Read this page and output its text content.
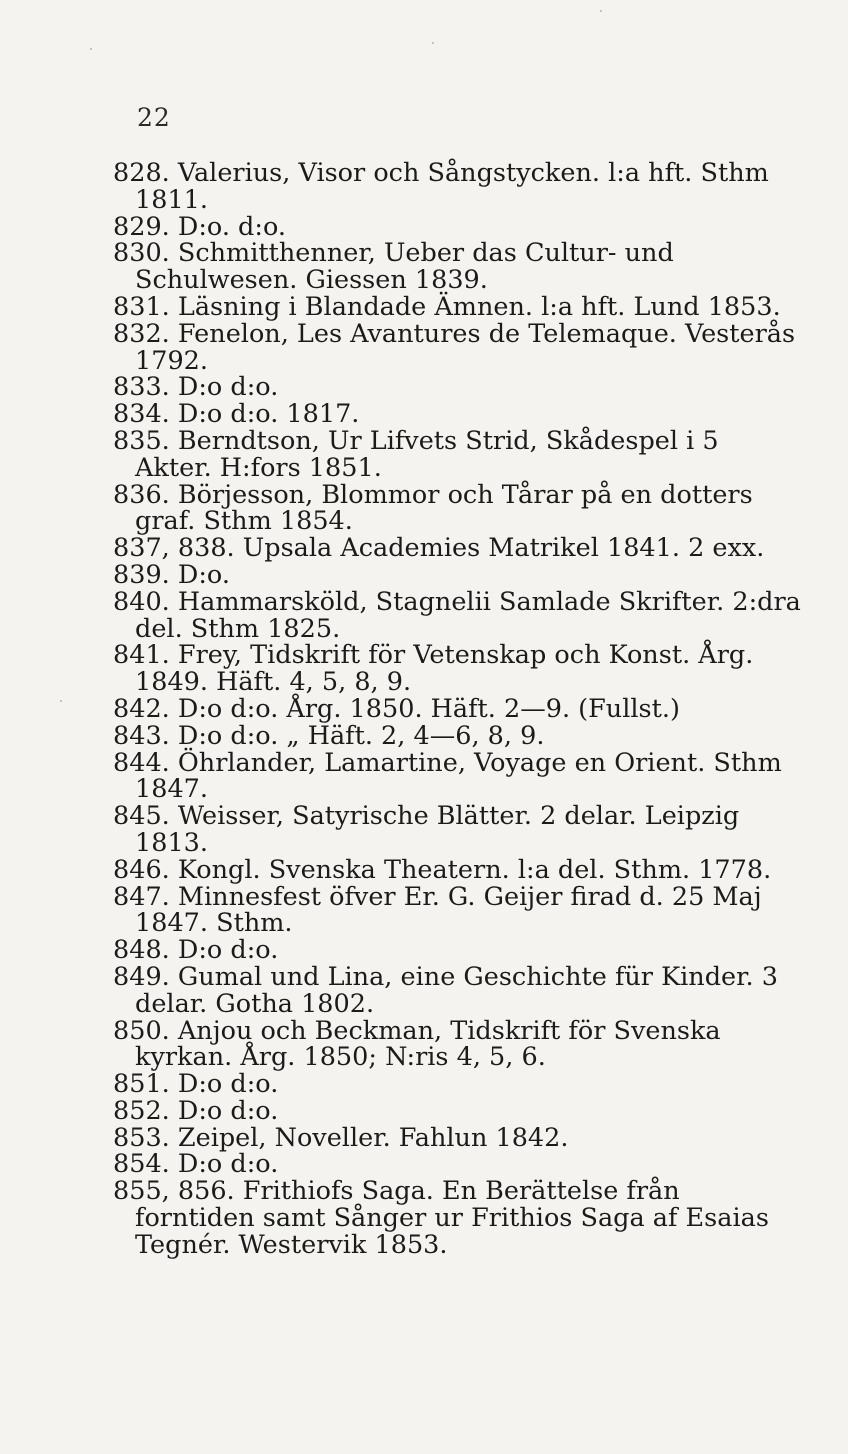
22

828. Valerius, Visor och Sångstycken. l:a hft. Sthm 1811.

829. D:o. d:o.

830. Schmitthenner, Ueber das Cultur- und Schulwesen. Giessen 1839.

831. Läsning i Blandade Ämnen. l:a hft. Lund 1853.

832. Fenelon, Les Avantures de Telemaque. Vesterås 1792.

833. D:o d:o.

834. D:o d:o. 1817.

835. Berndtson, Ur Lifvets Strid, Skådespel i 5 Akter. H:fors 1851.

836. Börjesson, Blommor och Tårar på en dotters graf. Sthm 1854.

837, 838. Upsala Academies Matrikel 1841. 2 exx.

839. D:o.

840. Hammarsköld, Stagnelii Samlade Skrifter. 2:dra del. Sthm 1825.

841. Frey, Tidskrift för Vetenskap och Konst. Årg. 1849. Häft. 4, 5, 8, 9.

842. D:o d:o. Årg. 1850. Häft. 2—9. (Fullst.)

843. D:o d:o. „ Häft. 2, 4—6, 8, 9.

844. Öhrlander, Lamartine, Voyage en Orient. Sthm 1847.

845. Weisser, Satyrische Blätter. 2 delar. Leipzig 1813.

846. Kongl. Svenska Theatern. l:a del. Sthm. 1778.

847. Minnesfest öfver Er. G. Geijer firad d. 25 Maj 1847. Sthm.

848. D:o d:o.

849. Gumal und Lina, eine Geschichte für Kinder. 3 delar. Gotha 1802.

850. Anjou och Beckman, Tidskrift för Svenska kyrkan. Årg. 1850; N:ris 4, 5, 6.

851. D:o d:o.

852. D:o d:o.

853. Zeipel, Noveller. Fahlun 1842.

854. D:o d:o.

855, 856. Frithiofs Saga. En Berättelse från forntiden samt Sånger ur Frithios Saga af Esaias Tegnér. Westervik 1853.
